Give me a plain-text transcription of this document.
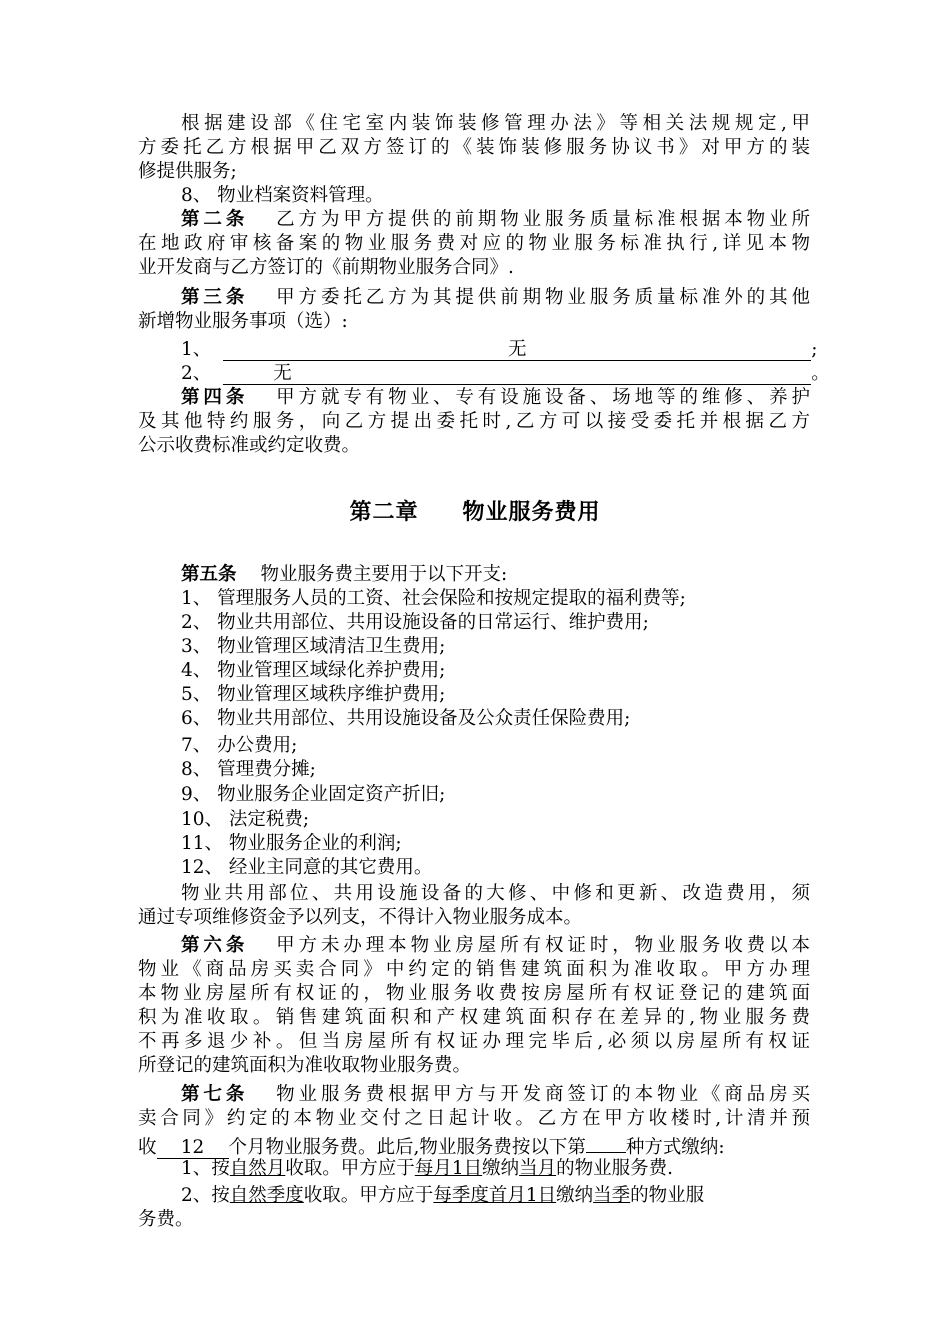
根据建设部《住宅室内装饰装修管理办法》等相关法规规定,甲
方委托乙方根据甲乙双方签订的《装饰装修服务协议书》对甲方的装
修提供服务;
8、 物业档案资料管理。
第二条 乙方为甲方提供的前期物业服务质量标准根据本物业所
在地政府审核备案的物业服务费对应的物业服务标准执行,详见本物
业开发商与乙方签订的《前期物业服务合同》.
第三条 甲方委托乙方为其提供前期物业服务质量标准外的其他
新增物业服务事项（选）:
1、	无	;
2、	无	。
第四条 甲方就专有物业、专有设施设备、场地等的维修、养护
及其他特约服务，向乙方提出委托时,乙方可以接受委托并根据乙方
公示收费标准或约定收费。
第二章 物业服务费用
第五条 物业服务费主要用于以下开支:
1、 管理服务人员的工资、社会保险和按规定提取的福利费等;
2、 物业共用部位、共用设施设备的日常运行、维护费用;
3、 物业管理区域清洁卫生费用;
4、 物业管理区域绿化养护费用;
5、 物业管理区域秩序维护费用;
6、 物业共用部位、共用设施设备及公众责任保险费用;
7、 办公费用;
8、 管理费分摊;
9、 物业服务企业固定资产折旧;
10、 法定税费;
11、 物业服务企业的利润;
12、 经业主同意的其它费用。
物业共用部位、共用设施设备的大修、中修和更新、改造费用，须
通过专项维修资金予以列支，不得计入物业服务成本。
第六条 甲方未办理本物业房屋所有权证时，物业服务收费以本
物业《商品房买卖合同》中约定的销售建筑面积为准收取。甲方办理
本物业房屋所有权证的，物业服务收费按房屋所有权证登记的建筑面
积为准收取。销售建筑面积和产权建筑面积存在差异的,物业服务费
不再多退少补。但当房屋所有权证办理完毕后,必须以房屋所有权证
所登记的建筑面积为准收取物业服务费。
第七条 物业服务费根据甲方与开发商签订的本物业《商品房买
卖合同》约定的本物业交付之日起计收。乙方在甲方收楼时,计清并预
收 12 个月物业服务费。此后,物业服务费按以下第 种方式缴纳:
1、按自然月收取。甲方应于每月1日缴纳当月的物业服务费.
2、按自然季度收取。甲方应于每季度首月1日缴纳当季的物业服
务费。
